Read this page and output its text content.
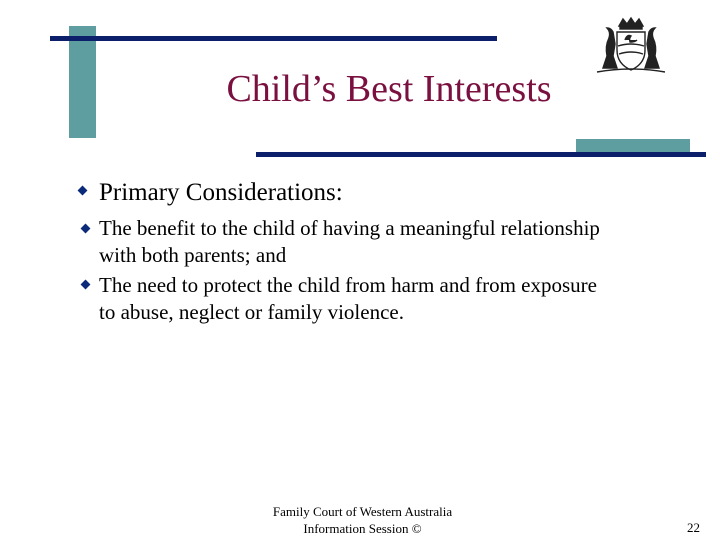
Child’s Best Interests
Primary Considerations:
The benefit to the child of having a meaningful relationship
with both parents; and
The need to protect the child from harm and from exposure
to abuse, neglect or family violence.
Family Court of Western Australia
Information Session ©	22
